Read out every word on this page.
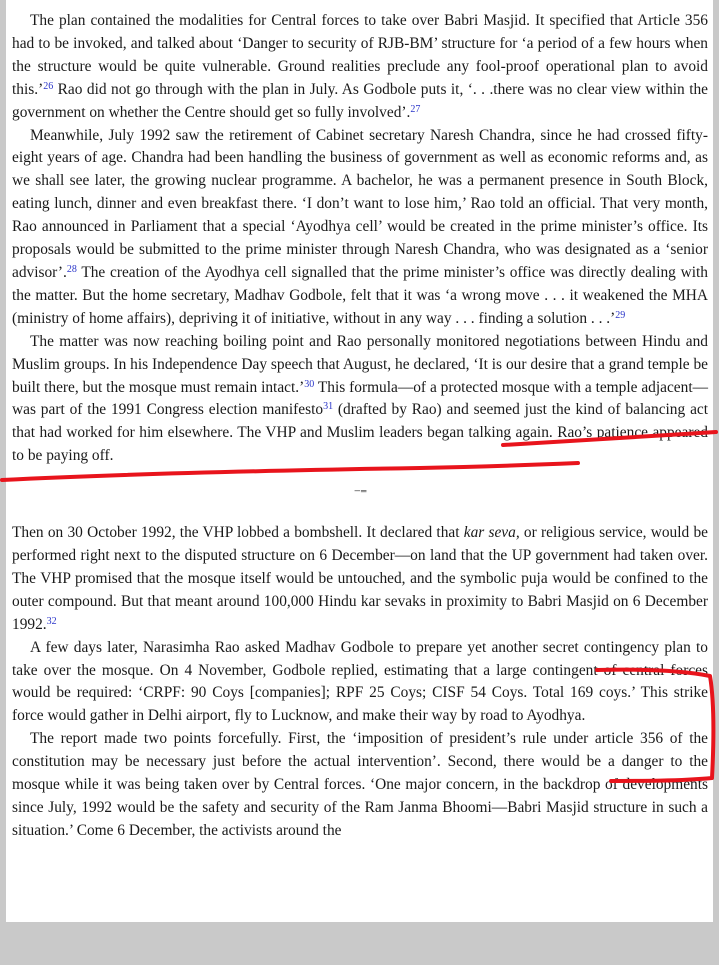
The plan contained the modalities for Central forces to take over Babri Masjid. It specified that Article 356 had to be invoked, and talked about ‘Danger to security of RJB-BM’ structure for ‘a period of a few hours when the structure would be quite vulnerable. Ground realities preclude any fool-proof operational plan to avoid this.’$^{26}$ Rao did not go through with the plan in July. As Godbole puts it, ‘. . .there was no clear view within the government on whether the Centre should get so fully involved’.$^{27}$

Meanwhile, July 1992 saw the retirement of Cabinet secretary Naresh Chandra, since he had crossed fifty-eight years of age. Chandra had been handling the business of government as well as economic reforms and, as we shall see later, the growing nuclear programme. A bachelor, he was a permanent presence in South Block, eating lunch, dinner and even breakfast there. ‘I don’t want to lose him,’ Rao told an official. That very month, Rao announced in Parliament that a special ‘Ayodhya cell’ would be created in the prime minister’s office. Its proposals would be submitted to the prime minister through Naresh Chandra, who was designated as a ‘senior advisor’.$^{28}$ The creation of the Ayodhya cell signalled that the prime minister’s office was directly dealing with the matter. But the home secretary, Madhav Godbole, felt that it was ‘a wrong move . . . it weakened the MHA (ministry of home affairs), depriving it of initiative, without in any way . . . finding a solution . . .’$^{29}$

The matter was now reaching boiling point and Rao personally monitored negotiations between Hindu and Muslim groups. In his Independence Day speech that August, he declared, ‘It is our desire that a grand temple be built there, but the mosque must remain intact.’$^{30}$ This formula—of a protected mosque with a temple adjacent—was part of the 1991 Congress election manifesto$^{31}$ (drafted by Rao) and seemed just the kind of balancing act that had worked for him elsewhere. The VHP and Muslim leaders began talking again. Rao’s patience appeared to be paying off.

⁻⁼

Then on 30 October 1992, the VHP lobbed a bombshell. It declared that kar seva, or religious service, would be performed right next to the disputed structure on 6 December—on land that the UP government had taken over. The VHP promised that the mosque itself would be untouched, and the symbolic puja would be confined to the outer compound. But that meant around 100,000 Hindu kar sevaks in proximity to Babri Masjid on 6 December 1992.32

A few days later, Narasimha Rao asked Madhav Godbole to prepare yet another secret contingency plan to take over the mosque. On 4 November, Godbole replied, estimating that a large contingent of central forces would be required: ‘CRPF: 90 Coys [companies]; RPF 25 Coys; CISF 54 Coys. Total 169 coys.’ This strike force would gather in Delhi airport, fly to Lucknow, and make their way by road to Ayodhya.

The report made two points forcefully. First, the ‘imposition of president’s rule under article 356 of the constitution may be necessary just before the actual intervention’. Second, there would be a danger to the mosque while it was being taken over by Central forces. ‘One major concern, in the backdrop of developments since July, 1992 would be the safety and security of the Ram Janma Bhoomi—Babri Masjid structure in such a situation.’ Come 6 December, the activists around the
